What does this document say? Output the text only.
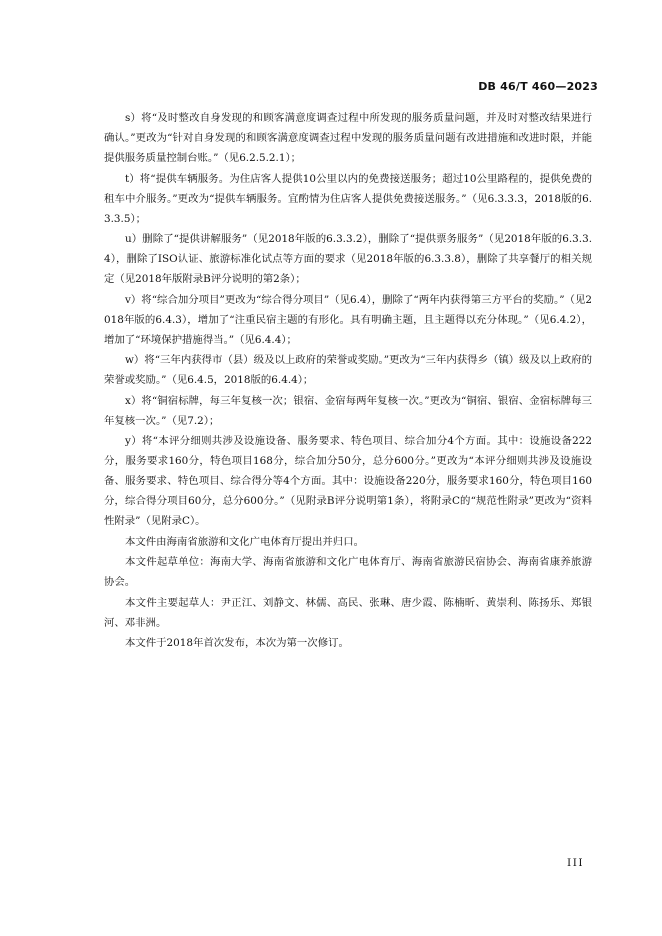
DB 46/T 460—2023

s）将“及时整改自身发现的和顾客满意度调查过程中所发现的服务质量问题，并及时对整改结果进行确认。”更改为“针对自身发现的和顾客满意度调查过程中发现的服务质量问题有改进措施和改进时限，并能提供服务质量控制台账。”（见6.2.5.2.1）；

t）将“提供车辆服务。为住店客人提供10公里以内的免费接送服务；超过10公里路程的，提供免费的租车中介服务。”更改为“提供车辆服务。宜酌情为住店客人提供免费接送服务。”（见6.3.3.3，2018版的6.3.3.5）；

u）删除了“提供讲解服务”（见2018年版的6.3.3.2），删除了“提供票务服务”（见2018年版的6.3.3.4），删除了ISO认证、旅游标准化试点等方面的要求（见2018年版的6.3.3.8），删除了共享餐厅的相关规定（见2018年版附录B评分说明的第2条）；

v）将“综合加分项目”更改为“综合得分项目”（见6.4），删除了“两年内获得第三方平台的奖励。”（见2018年版的6.4.3），增加了“注重民宿主题的有形化。具有明确主题，且主题得以充分体现。”（见6.4.2），增加了“环境保护措施得当。”（见6.4.4）；

w）将“三年内获得市（县）级及以上政府的荣誉或奖励。”更改为“三年内获得乡（镇）级及以上政府的荣誉或奖励。”（见6.4.5，2018版的6.4.4）；

x）将“铜宿标牌，每三年复核一次；银宿、金宿每两年复核一次。”更改为“铜宿、银宿、金宿标牌每三年复核一次。”（见7.2）；

y）将“本评分细则共涉及设施设备、服务要求、特色项目、综合加分4个方面。其中：设施设备222分，服务要求160分，特色项目168分，综合加分50分，总分600分。”更改为“本评分细则共涉及设施设备、服务要求、特色项目、综合得分等4个方面。其中：设施设备220分，服务要求160分，特色项目160分，综合得分项目60分，总分600分。”（见附录B评分说明第1条），将附录C的“规范性附录”更改为“资料性附录”（见附录C）。

本文件由海南省旅游和文化广电体育厅提出并归口。

本文件起草单位：海南大学、海南省旅游和文化广电体育厅、海南省旅游民宿协会、海南省康养旅游协会。

本文件主要起草人：尹正江、刘静文、林儒、高民、张琳、唐少霞、陈楠昕、黄崇利、陈扬乐、郑银河、邓非洲。

本文件于2018年首次发布，本次为第一次修订。

III
